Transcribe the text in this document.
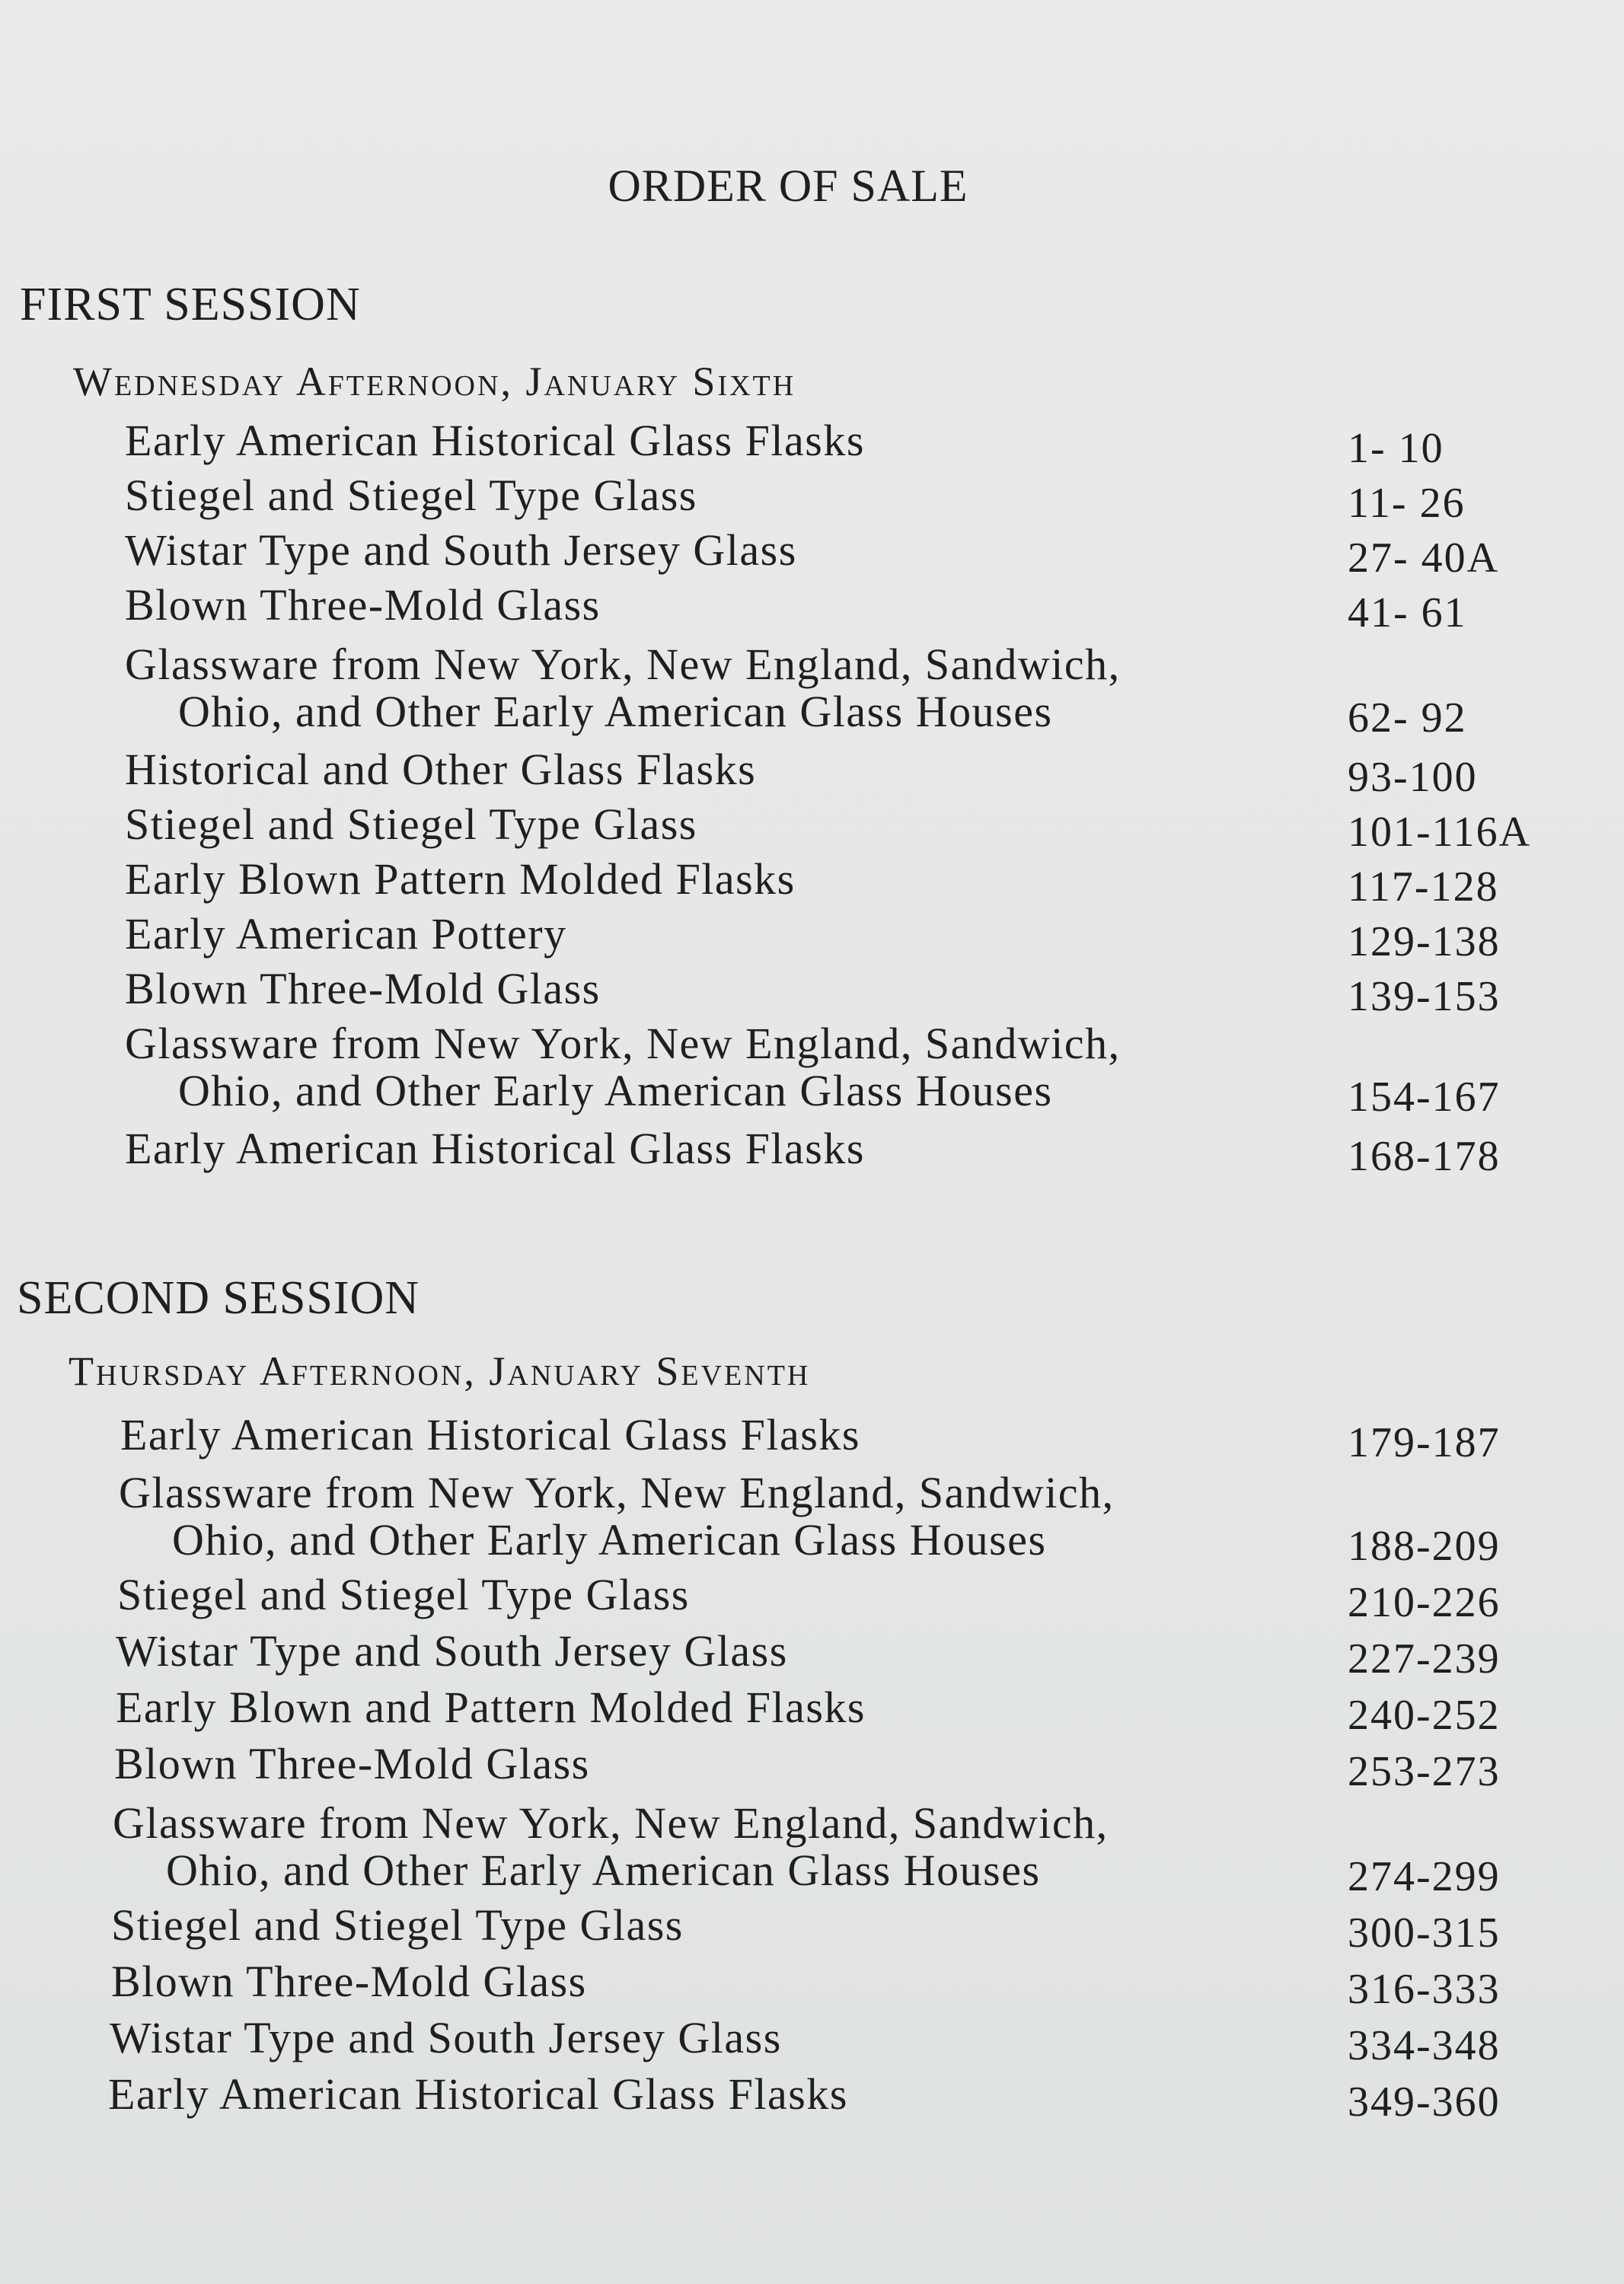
ORDER OF SALE
FIRST SESSION
Wednesday Afternoon, January Sixth
Early American Historical Glass Flasks	1- 10
Stiegel and Stiegel Type Glass	11- 26
Wistar Type and South Jersey Glass	27- 40A
Blown Three-Mold Glass	41- 61
Glassware from New York, New England, Sandwich,
Ohio, and Other Early American Glass Houses	62- 92
Historical and Other Glass Flasks	93-100
Stiegel and Stiegel Type Glass	101-116A
Early Blown Pattern Molded Flasks	117-128
Early American Pottery	129-138
Blown Three-Mold Glass	139-153
Glassware from New York, New England, Sandwich,
Ohio, and Other Early American Glass Houses	154-167
Early American Historical Glass Flasks	168-178
SECOND SESSION
Thursday Afternoon, January Seventh
Early American Historical Glass Flasks	179-187
Glassware from New York, New England, Sandwich,
Ohio, and Other Early American Glass Houses	188-209
Stiegel and Stiegel Type Glass	210-226
Wistar Type and South Jersey Glass	227-239
Early Blown and Pattern Molded Flasks	240-252
Blown Three-Mold Glass	253-273
Glassware from New York, New England, Sandwich,
Ohio, and Other Early American Glass Houses	274-299
Stiegel and Stiegel Type Glass	300-315
Blown Three-Mold Glass	316-333
Wistar Type and South Jersey Glass	334-348
Early American Historical Glass Flasks	349-360
